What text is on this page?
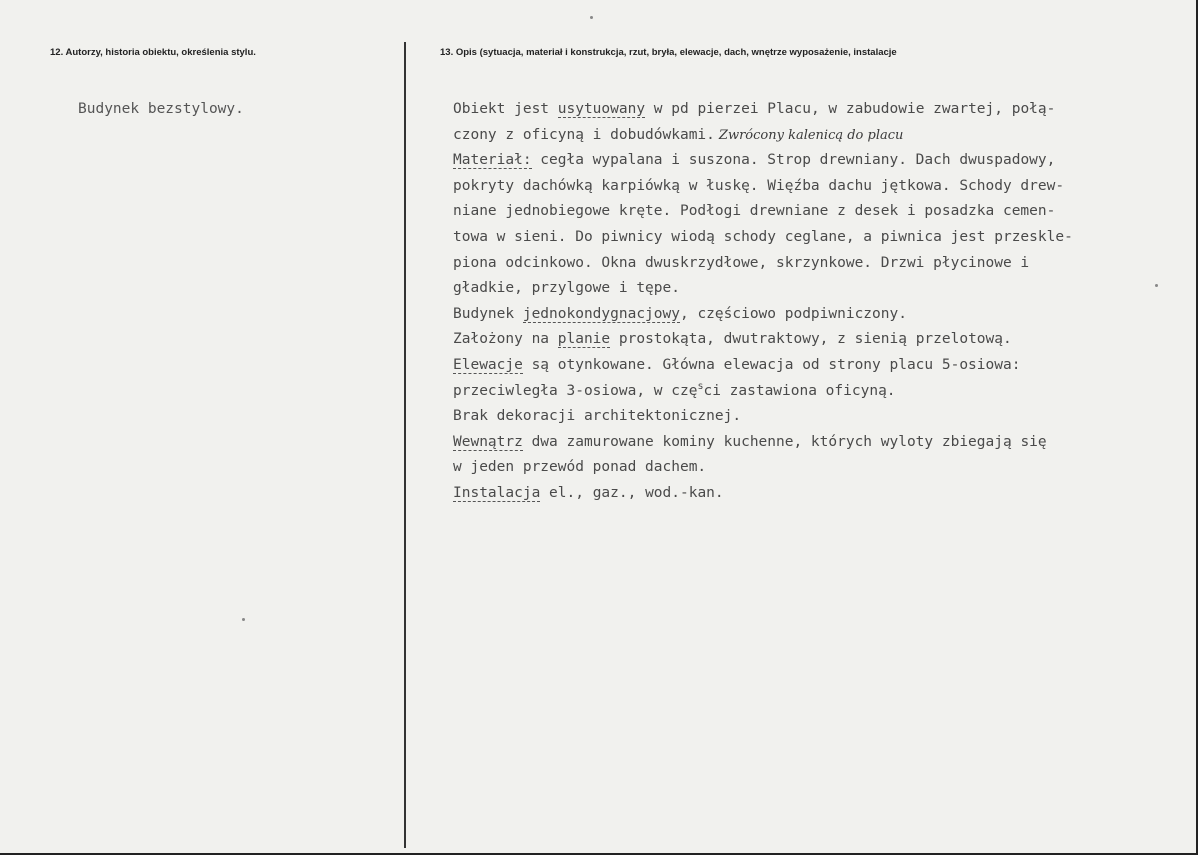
12. Autorzy, historia obiektu, określenia stylu.	13. Opis (sytuacja, materiał i konstrukcja, rzut, bryła, elewacje, dach, wnętrze wyposażenie, instalacje
Budynek bezstylowy.	Obiekt jest usytuowany w pd pierzei Placu, w zabudowie zwartej, połą-
czony z oficyną i dobudówkami. Zwrócony kalenicą do placu
Materiał: cegła wypalana i suszona. Strop drewniany. Dach dwuspadowy,
pokryty dachówką karpiówką w łuskę. Więźba dachu jętkowa. Schody drew-
niane jednobiegowe kręte. Podłogi drewniane z desek i posadzka cemen-
towa w sieni. Do piwnicy wiodą schody ceglane, a piwnica jest przeskle-
piona odcinkowo. Okna dwuskrzydłowe, skrzynkowe. Drzwi płycinowe i
gładkie, przylgowe i tępe.
Budynek jednokondygnacjowy, częściowo podpiwniczony.
Założony na planie prostokąta, dwutraktowy, z sienią przelotową.
Elewacje są otynkowane. Główna elewacja od strony placu 5-osiowa:
przeciwległa 3-osiowa, w czę$^s$ci zastawiona oficyną.
Brak dekoracji architektonicznej.
Wewnątrz dwa zamurowane kominy kuchenne, których wyloty zbiegają się
w jeden przewód ponad dachem.
Instalacja el., gaz., wod.-kan.
